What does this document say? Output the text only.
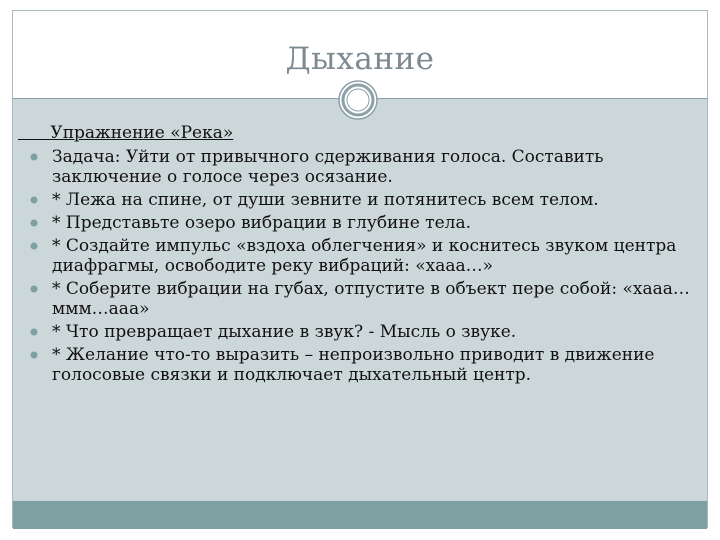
Дыхание
Упражнение «Река»
Задача: Уйти от привычного сдерживания голоса. Составить заключение о голосе через осязание.
* Лежа на спине, от души зевните и потянитесь всем телом.
* Представьте озеро вибрации в глубине тела.
* Создайте импульс «вздоха облегчения» и коснитесь звуком центра диафрагмы, освободите реку вибраций: «хааа…»
* Соберите вибрации на губах, отпустите в объект пере собой: «хааа…ммм…ааа»
* Что превращает дыхание в звук? - Мысль о звуке.
* Желание что-то выразить – непроизвольно приводит в движение голосовые связки и подключает дыхательный центр.
